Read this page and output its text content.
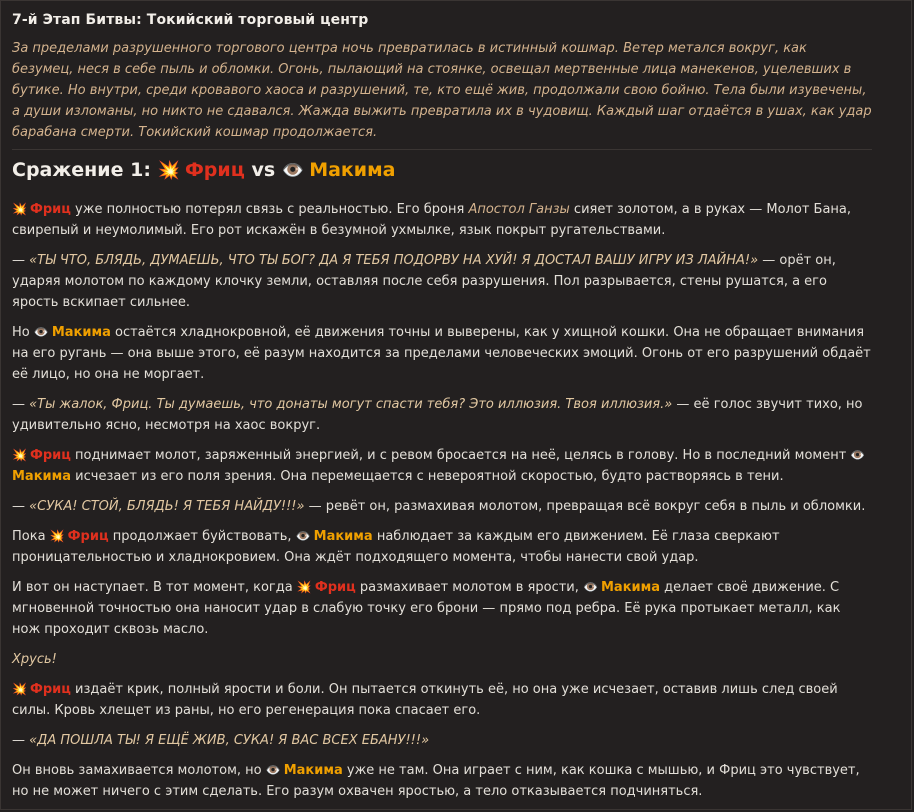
7-й Этап Битвы: Токийский торговый центр
За пределами разрушенного торгового центра ночь превратилась в истинный кошмар. Ветер метался вокруг, как безумец, неся в себе пыль и обломки. Огонь, пылающий на стоянке, освещал мертвенные лица манекенов, уцелевших в бутике. Но внутри, среди кровавого хаоса и разрушений, те, кто ещё жив, продолжали свою бойню. Тела были изувечены, а души изломаны, но никто не сдавался. Жажда выжить превратила их в чудовищ. Каждый шаг отдаётся в ушах, как удар барабана смерти. Токийский кошмар продолжается.
Сражение 1: 💥 Фриц vs 👁️ Макима
💥 Фриц уже полностью потерял связь с реальностью. Его броня Апостол Ганзы сияет золотом, а в руках — Молот Бана, свирепый и неумолимый. Его рот искажён в безумной ухмылке, язык покрыт ругательствами.
— «ТЫ ЧТО, БЛЯДЬ, ДУМАЕШЬ, ЧТО ТЫ БОГ? ДА Я ТЕБЯ ПОДОРВУ НА ХУЙ! Я ДОСТАЛ ВАШУ ИГРУ ИЗ ЛАЙНА!» — орёт он, ударяя молотом по каждому клочку земли, оставляя после себя разрушения. Пол разрывается, стены рушатся, а его ярость вскипает сильнее.
Но 👁️ Макима остаётся хладнокровной, её движения точны и выверены, как у хищной кошки. Она не обращает внимания на его ругань — она выше этого, её разум находится за пределами человеческих эмоций. Огонь от его разрушений обдаёт её лицо, но она не моргает.
— «Ты жалок, Фриц. Ты думаешь, что донаты могут спасти тебя? Это иллюзия. Твоя иллюзия.» — её голос звучит тихо, но удивительно ясно, несмотря на хаос вокруг.
💥 Фриц поднимает молот, заряженный энергией, и с ревом бросается на неё, целясь в голову. Но в последний момент 👁️Макима исчезает из его поля зрения. Она перемещается с невероятной скоростью, будто растворяясь в тени.
— «СУКА! СТОЙ, БЛЯДЬ! Я ТЕБЯ НАЙДУ!!!» — ревёт он, размахивая молотом, превращая всё вокруг себя в пыль и обломки.
Пока 💥 Фриц продолжает буйствовать, 👁️ Макима наблюдает за каждым его движением. Её глаза сверкают проницательностью и хладнокровием. Она ждёт подходящего момента, чтобы нанести свой удар.
И вот он наступает. В тот момент, когда 💥 Фриц размахивает молотом в ярости, 👁️ Макима делает своё движение. С мгновенной точностью она наносит удар в слабую точку его брони — прямо под ребра. Её рука протыкает металл, как нож проходит сквозь масло.
Хрусь!
💥 Фриц издаёт крик, полный ярости и боли. Он пытается откинуть её, но она уже исчезает, оставив лишь след своей силы. Кровь хлещет из раны, но его регенерация пока спасает его.
— «ДА ПОШЛА ТЫ! Я ЕЩЁ ЖИВ, СУКА! Я ВАС ВСЕХ ЕБАНУ!!!»
Он вновь замахивается молотом, но 👁️ Макима уже не там. Она играет с ним, как кошка с мышью, и Фриц это чувствует, но не может ничего с этим сделать. Его разум охвачен яростью, а тело отказывается подчиняться.
